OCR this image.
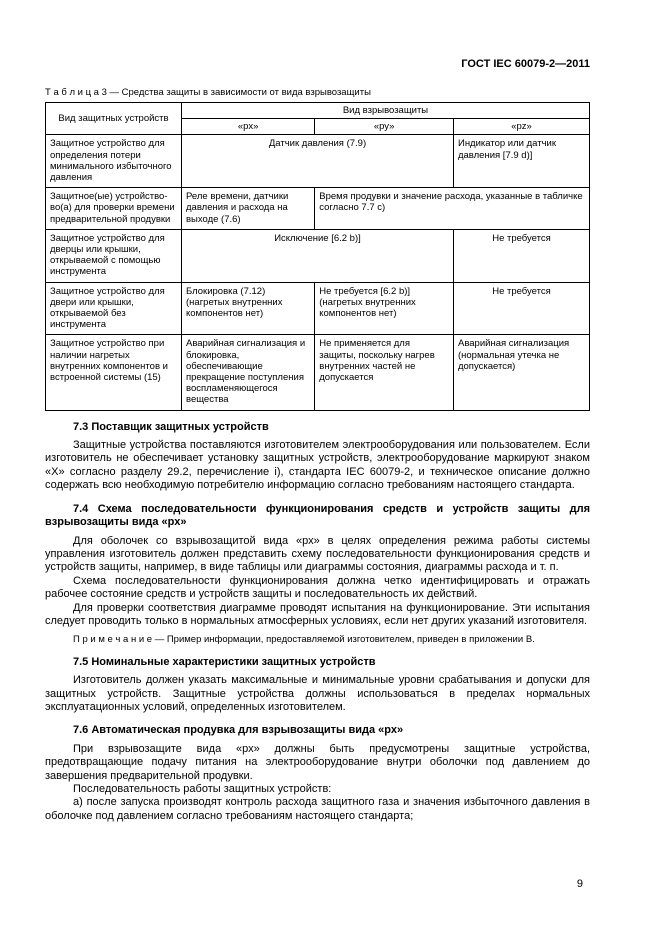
ГОСТ IEC 60079-2—2011
Т а б л и ц а 3 — Средства защиты в зависимости от вида взрывозащиты
Вид защитных устройств	Вид взрывозащиты		
	«рх»	«ру»	«pz»
Защитное устройство для определения потери минимального избыточного давления	Датчик давления (7.9)		Индикатор или датчик давления [7.9 d)]
Защитное(ые) устройство-во(а) для проверки времени предварительной продувки	Реле времени, датчики давления и расхода на выходе (7.6)	Время продувки и значение расхода, указанные в табличке согласно 7.7 с)	
Защитное устройство для дверцы или крышки, открываемой с помощью инструмента	Исключение [6.2 b)]		Не требуется
Защитное устройство для двери или крышки, открываемой без инструмента	Блокировка (7.12) (нагретых внутренних компонентов нет)	Не требуется [6.2 b)] (нагретых внутренних компонентов нет)	Не требуется
Защитное устройство при наличии нагретых внутренних компонентов и встроенной системы (15)	Аварийная сигнализация и блокировка, обеспечивающие прекращение поступления воспламеняющегося вещества	Не применяется для защиты, поскольку нагрев внутренних частей не допускается	Аварийная сигнализация (нормальная утечка не допускается)
7.3 Поставщик защитных устройств
Защитные устройства поставляются изготовителем электрооборудования или пользователем. Если изготовитель не обеспечивает установку защитных устройств, электрооборудование маркируют знаком «X» согласно разделу 29.2, перечисление i), стандарта IEC 60079-2, и техническое описание должно содержать всю необходимую потребителю информацию согласно требованиям настоящего стандарта.
7.4 Схема последовательности функционирования средств и устройств защиты для взрывозащиты вида «рх»
Для оболочек со взрывозащитой вида «рх» в целях определения режима работы системы управления изготовитель должен представить схему последовательности функционирования средств и устройств защиты, например, в виде таблицы или диаграммы состояния, диаграммы расхода и т. п.
Схема последовательности функционирования должна четко идентифицировать и отражать рабочее состояние средств и устройств защиты и последовательность их действий.
Для проверки соответствия диаграмме проводят испытания на функционирование. Эти испытания следует проводить только в нормальных атмосферных условиях, если нет других указаний изготовителя.
П р и м е ч а н и е — Пример информации, предоставляемой изготовителем, приведен в приложении В.
7.5 Номинальные характеристики защитных устройств
Изготовитель должен указать максимальные и минимальные уровни срабатывания и допуски для защитных устройств. Защитные устройства должны использоваться в пределах нормальных эксплуатационных условий, определенных изготовителем.
7.6 Автоматическая продувка для взрывозащиты вида «рх»
При взрывозащите вида «рх» должны быть предусмотрены защитные устройства, предотвращающие подачу питания на электрооборудование внутри оболочки под давлением до завершения предварительной продувки.
Последовательность работы защитных устройств:
а) после запуска производят контроль расхода защитного газа и значения избыточного давления в оболочке под давлением согласно требованиям настоящего стандарта;
9
